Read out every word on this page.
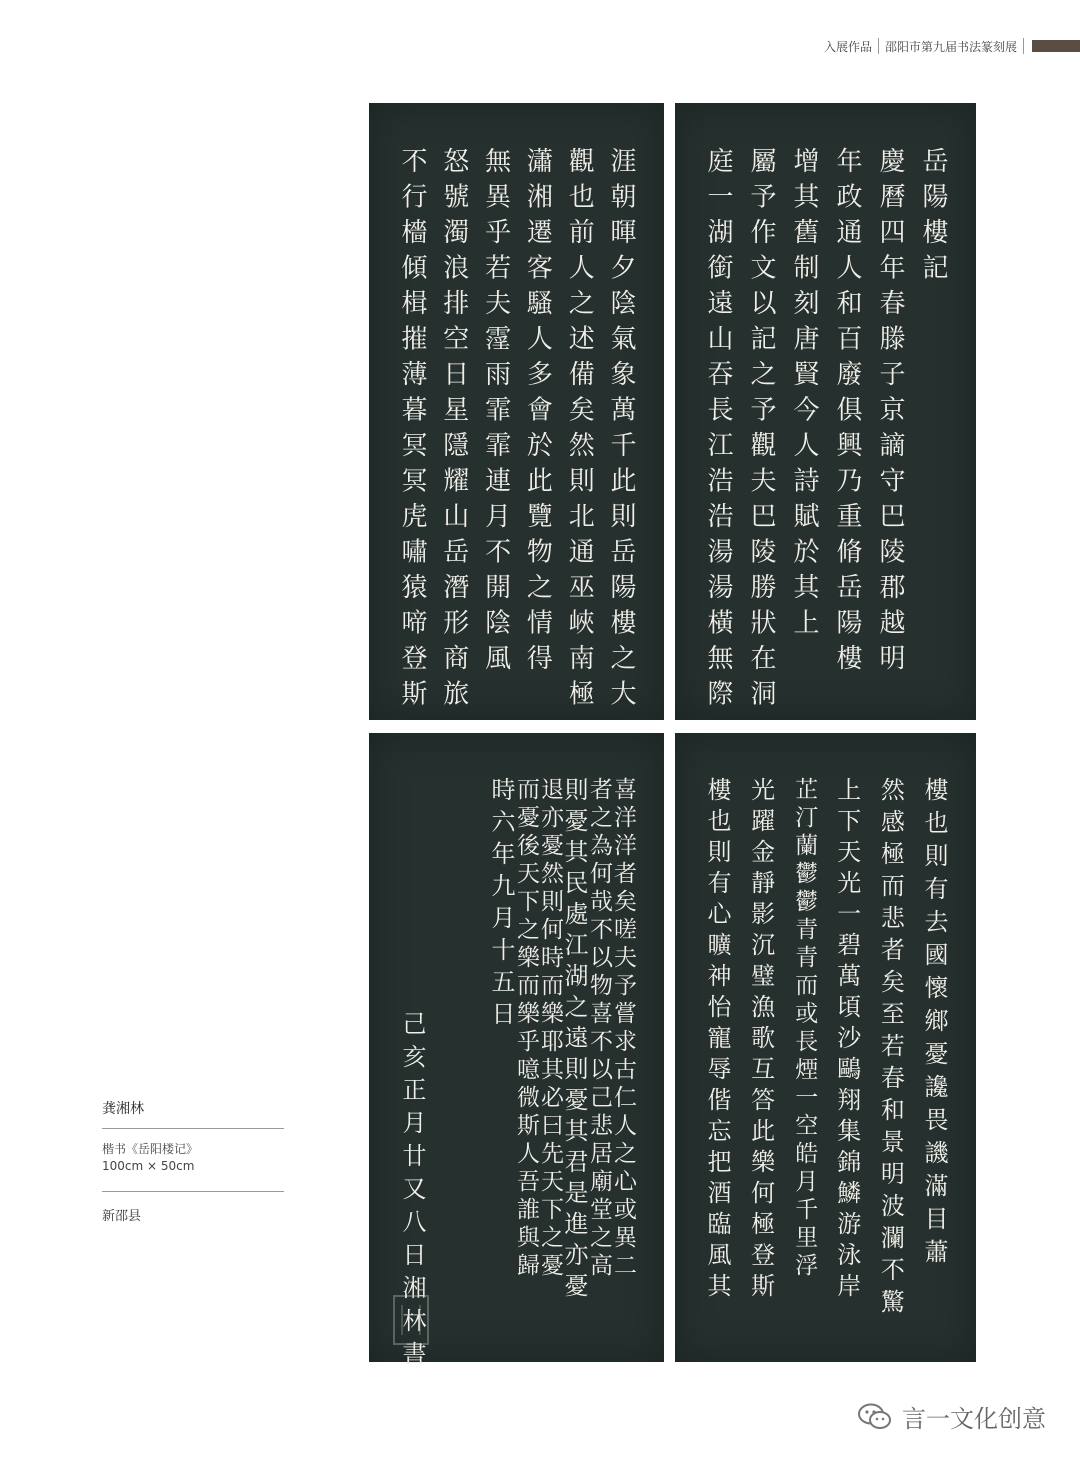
入展作品	邵阳市第九届书法篆刻展
岳陽樓記
慶曆四年春滕子京謫守巴陵郡越明
年政通人和百廢俱興乃重脩岳陽樓
增其舊制刻唐賢今人詩賦於其上
屬予作文以記之予觀夫巴陵勝狀在洞
庭一湖銜遠山吞長江浩浩湯湯橫無際
涯朝暉夕陰氣象萬千此則岳陽樓之大
觀也前人之述備矣然則北通巫峽南極
瀟湘遷客騷人多會於此覽物之情得
無異乎若夫霪雨霏霏連月不開陰風
怒號濁浪排空日星隱耀山岳潛形商旅
不行檣傾楫摧薄暮冥冥虎嘯猿啼登斯
樓也則有去國懷鄉憂讒畏譏滿目蕭
然感極而悲者矣至若春和景明波瀾不驚
上下天光一碧萬頃沙鷗翔集錦鱗游泳岸
芷汀蘭鬱鬱青青而或長煙一空皓月千里浮
光躍金靜影沉璧漁歌互答此樂何極登斯
樓也則有心曠神怡寵辱偕忘把酒臨風其
喜洋洋者矣嗟夫予嘗求古仁人之心或異二
者之為何哉不以物喜不以己悲居廟堂之高
則憂其民處江湖之遠則憂其君是進亦憂
退亦憂然則何時而樂耶其必曰先天下之憂
而憂後天下之樂而樂乎噫微斯人吾誰與歸
時六年九月十五日
己亥正月廿又八日湘林書
龚湘林
楷书《岳阳楼记》
100cm × 50cm
新邵县
言一文化创意
